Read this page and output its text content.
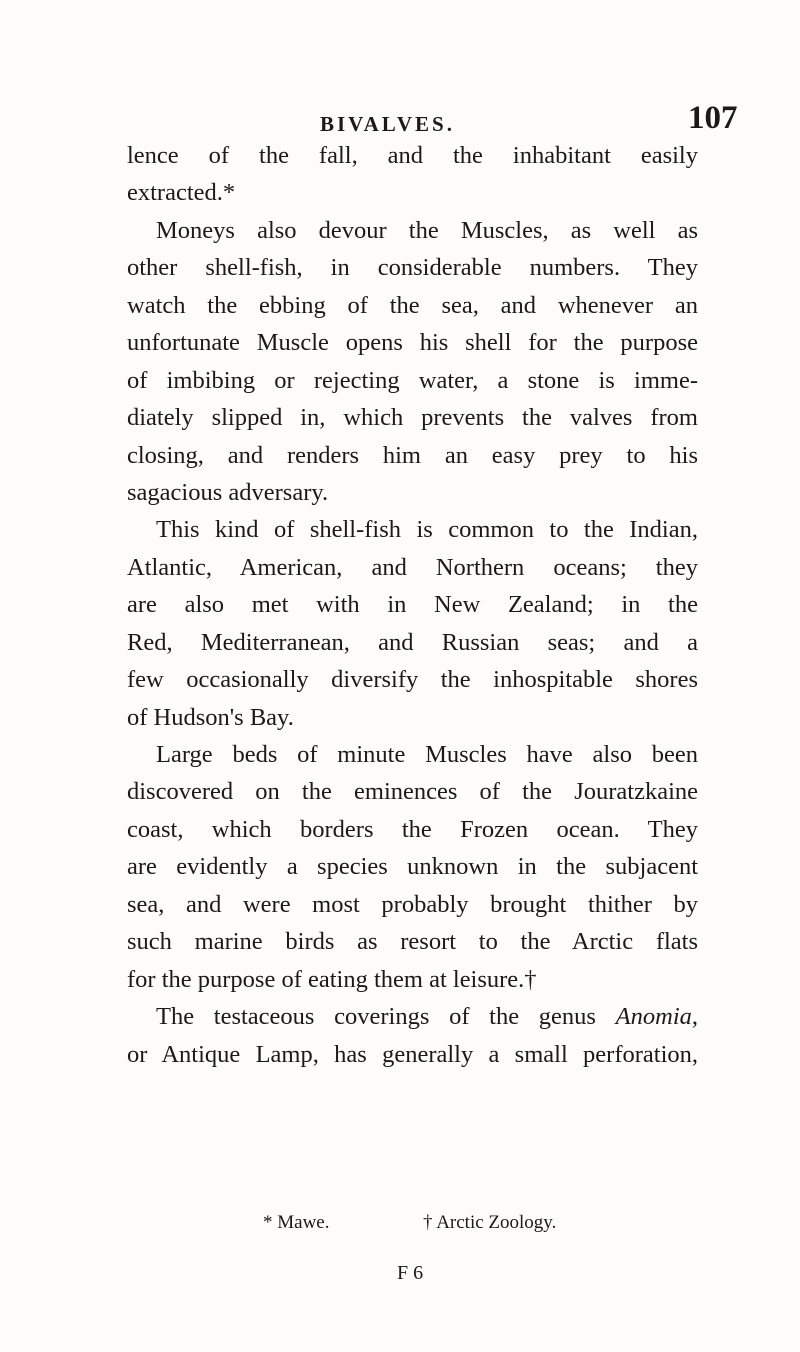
BIVALVES.	107
lence of the fall, and the inhabitant easily
extracted.*
Moneys also devour the Muscles, as well as
other shell-fish, in considerable numbers. They
watch the ebbing of the sea, and whenever an
unfortunate Muscle opens his shell for the purpose
of imbibing or rejecting water, a stone is imme-
diately slipped in, which prevents the valves from
closing, and renders him an easy prey to his
sagacious adversary.
This kind of shell-fish is common to the Indian,
Atlantic, American, and Northern oceans; they
are also met with in New Zealand; in the
Red, Mediterranean, and Russian seas; and a
few occasionally diversify the inhospitable shores
of Hudson's Bay.
Large beds of minute Muscles have also been
discovered on the eminences of the Jouratzkaine
coast, which borders the Frozen ocean. They
are evidently a species unknown in the subjacent
sea, and were most probably brought thither by
such marine birds as resort to the Arctic flats
for the purpose of eating them at leisure.†
The testaceous coverings of the genus Anomia,
or Antique Lamp, has generally a small perforation,
* Mawe.	† Arctic Zoology.
F 6
